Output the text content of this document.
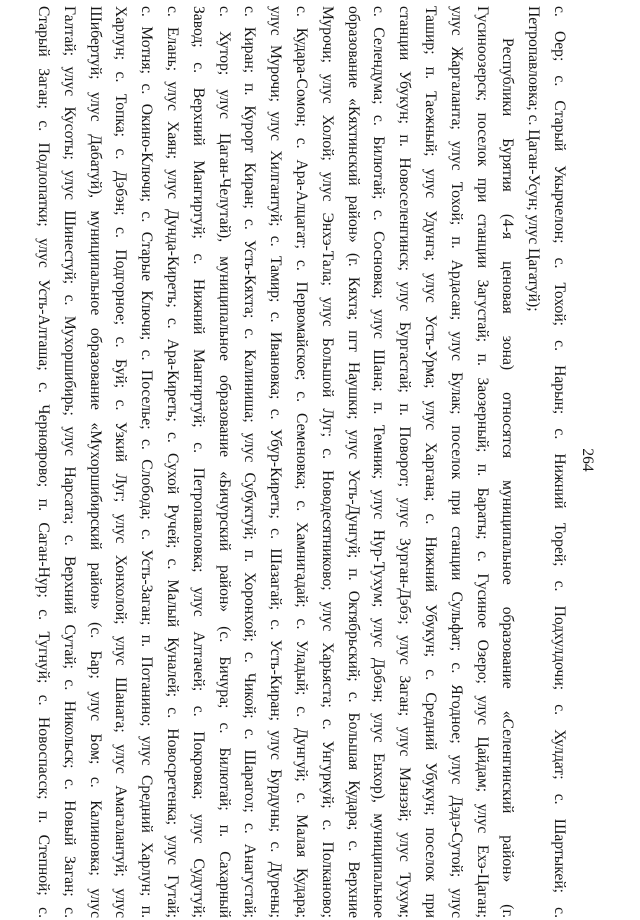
264
с. Оер; с. Старый Укырчелон; с. Тохой; с. Нарын; с. Нижний Торей; с. Подхулдочи; с. Хулдат; с. Шартыкей; с.
Петропавловка; с. Цаган-Усун; улус Цагатуй);
Республики Бурятия (4-я ценовая зона) относятся муниципальное образование «Селенгинский район» (г.
Гусиноозерск; поселок при станции Загустай; п. Заозерный; п. Бараты; с. Гусиное Озеро; улус Цайдам; улус Ехэ-Цаган;
улус Жаргаланта; улус Тохой; п. Ардасан; улус Булак; поселок при станции Сульфат; с. Ягодное; улус Дэдэ-Сутой; улус
Ташир; п. Таежный; улус Удунга; улус Усть-Урма; улус Харгана; с. Нижний Убукун; с. Средний Убукун; поселок при
станции Убукун; п. Новоселенгинск; улус Бургастай; п. Поворот; улус Зурган-Дэбэ; улус Заган; улус Мэнзэй; улус Тухум;
с. Селендума; с. Билютай; с. Сосновка; улус Шана; п. Темник; улус Нур-Тухум; улус Дэбэн; улус Енхор), муниципальное
образование «Кяхтинский район» (г. Кяхта; пгт Наушки; улус Усть-Дунгуй; п. Октябрьский; с. Большая Кудара; с. Верхние
Мурочи; улус Холой; улус Энхэ-Тала; улус Большой Луг; с. Новодесятниково; улус Харьяста; с. Унгуркуй; с. Полканово;
с. Кудара-Сомон; с. Ара-Алцагат; с. Первомайское; с. Семеновка; с. Хамнигадай; с. Уладый; с. Дунгуй; с. Малая Кудара;
улус Мурочи; улус Хилгантуй; с. Тамир; с. Ивановка; с. Убур-Киреть; с. Шазагай; с. Усть-Киран; улус Бурдуны; с. Дурены;
с. Киран; п. Курорт Киран; с. Усть-Кяхта; с. Калиниша; улус Субуктуй; п. Хоронхой; с. Чикой; с. Шарагол; с. Анагустай;
с. Хутор; улус Цаган-Челутай), муниципальное образование «Бичурский район» (с. Бичура; с. Билютай; п. Сахарный
Завод; с. Верхний Мангиртуй; с. Нижний Мангиртуй; с. Петропавловка; улус Алтачей; с. Покровка; улус Судутуй;
с. Елань; улус Хаян; улус Дунда-Киреть; с. Ара-Киреть; с. Сухой Ручей; с. Малый Куналей; с. Новосретенка; улус Гутай;
с. Мотня; с. Окино-Ключи; с. Старые Ключи; с. Поселье; с. Слобода; с. Усть-Заган; п. Потанино; улус Средний Харлун; п.
Харлун; с. Топка; с. Дэбэн; с. Подгорное; с. Буй; с. Узкий Луг; улус Хонхолой; улус Шанага; улус Амагалантуй; улус
Шибертуй; улус Дабатуй), муниципальное образование «Мухоршибирский район» (с. Бар; улус Бом; с. Калиновка; улус
Галтай; улус Кусоты; улус Шинестуй; с. Мухоршибирь; улус Нарсата; с. Верхний Сутай; с. Никольск; с. Новый Заган; с.
Старый Заган; с. Подлопатки; улус Усть-Алташа; с. Черноярово; п. Саган-Нур; с. Тугнуй; с. Новоспасск; п. Степной; с.
